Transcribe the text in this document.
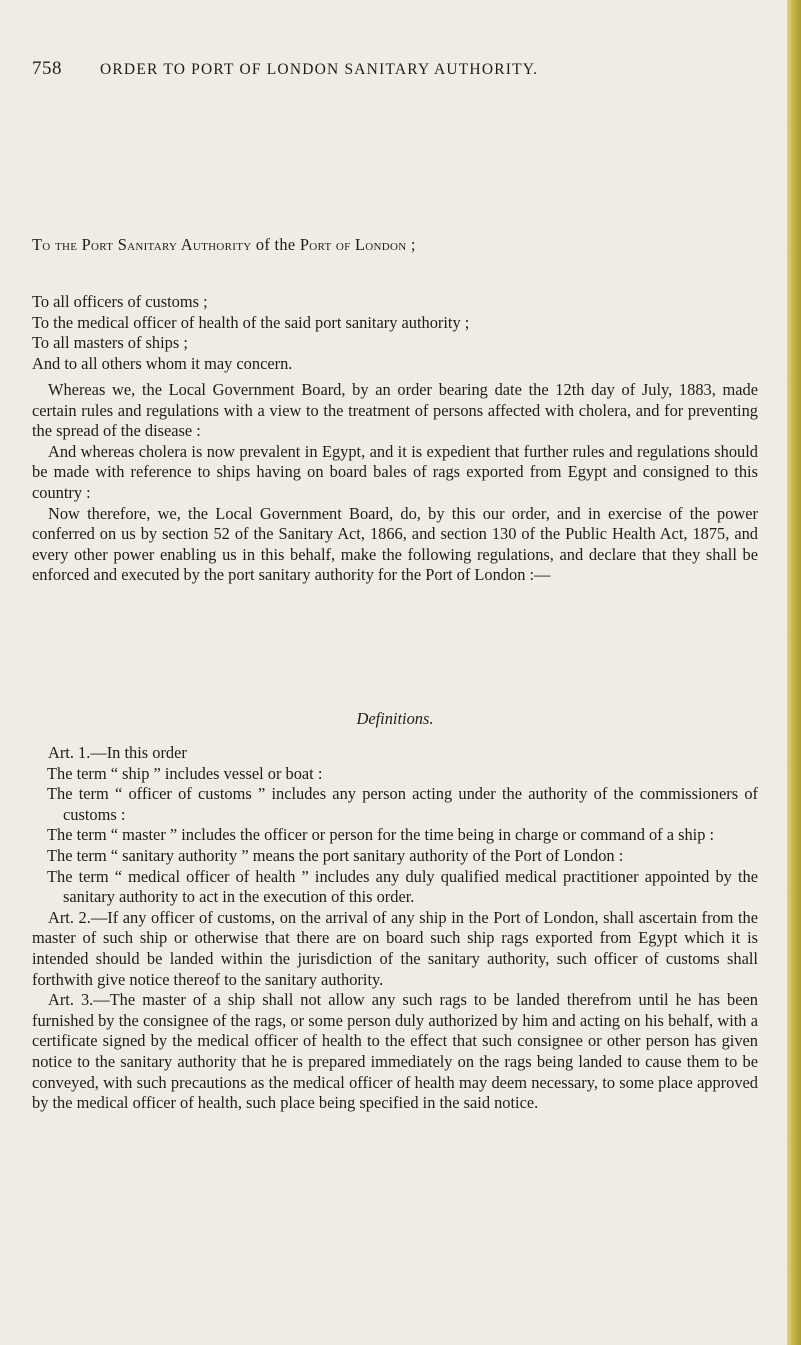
758 ORDER TO PORT OF LONDON SANITARY AUTHORITY.
To the Port Sanitary Authority of the Port of London ;
To all officers of customs ;
To the medical officer of health of the said port sanitary authority ;
To all masters of ships ;
And to all others whom it may concern.

Whereas we, the Local Government Board, by an order bearing date the 12th day of July, 1883, made certain rules and regulations with a view to the treatment of persons affected with cholera, and for preventing the spread of the disease :

And whereas cholera is now prevalent in Egypt, and it is expedient that further rules and regulations should be made with reference to ships having on board bales of rags exported from Egypt and consigned to this country :

Now therefore, we, the Local Government Board, do, by this our order, and in exercise of the power conferred on us by section 52 of the Sanitary Act, 1866, and section 130 of the Public Health Act, 1875, and every other power enabling us in this behalf, make the following regulations, and declare that they shall be enforced and executed by the port sanitary authority for the Port of London :—

Definitions.

Art. 1.—In this order

The term “ ship ” includes vessel or boat :

The term “ officer of customs ” includes any person acting under the authority of the commissioners of customs :

The term “ master ” includes the officer or person for the time being in charge or command of a ship :

The term “ sanitary authority ” means the port sanitary authority of the Port of London :

The term “ medical officer of health ” includes any duly qualified medical practitioner appointed by the sanitary authority to act in the execution of this order.

Art. 2.—If any officer of customs, on the arrival of any ship in the Port of London, shall ascertain from the master of such ship or otherwise that there are on board such ship rags exported from Egypt which it is intended should be landed within the jurisdiction of the sanitary authority, such officer of customs shall forthwith give notice thereof to the sanitary authority.

Art. 3.—The master of a ship shall not allow any such rags to be landed therefrom until he has been furnished by the consignee of the rags, or some person duly authorized by him and acting on his behalf, with a certificate signed by the medical officer of health to the effect that such consignee or other person has given notice to the sanitary authority that he is prepared immediately on the rags being landed to cause them to be conveyed, with such precautions as the medical officer of health may deem necessary, to some place approved by the medical officer of health, such place being specified in the said notice.
